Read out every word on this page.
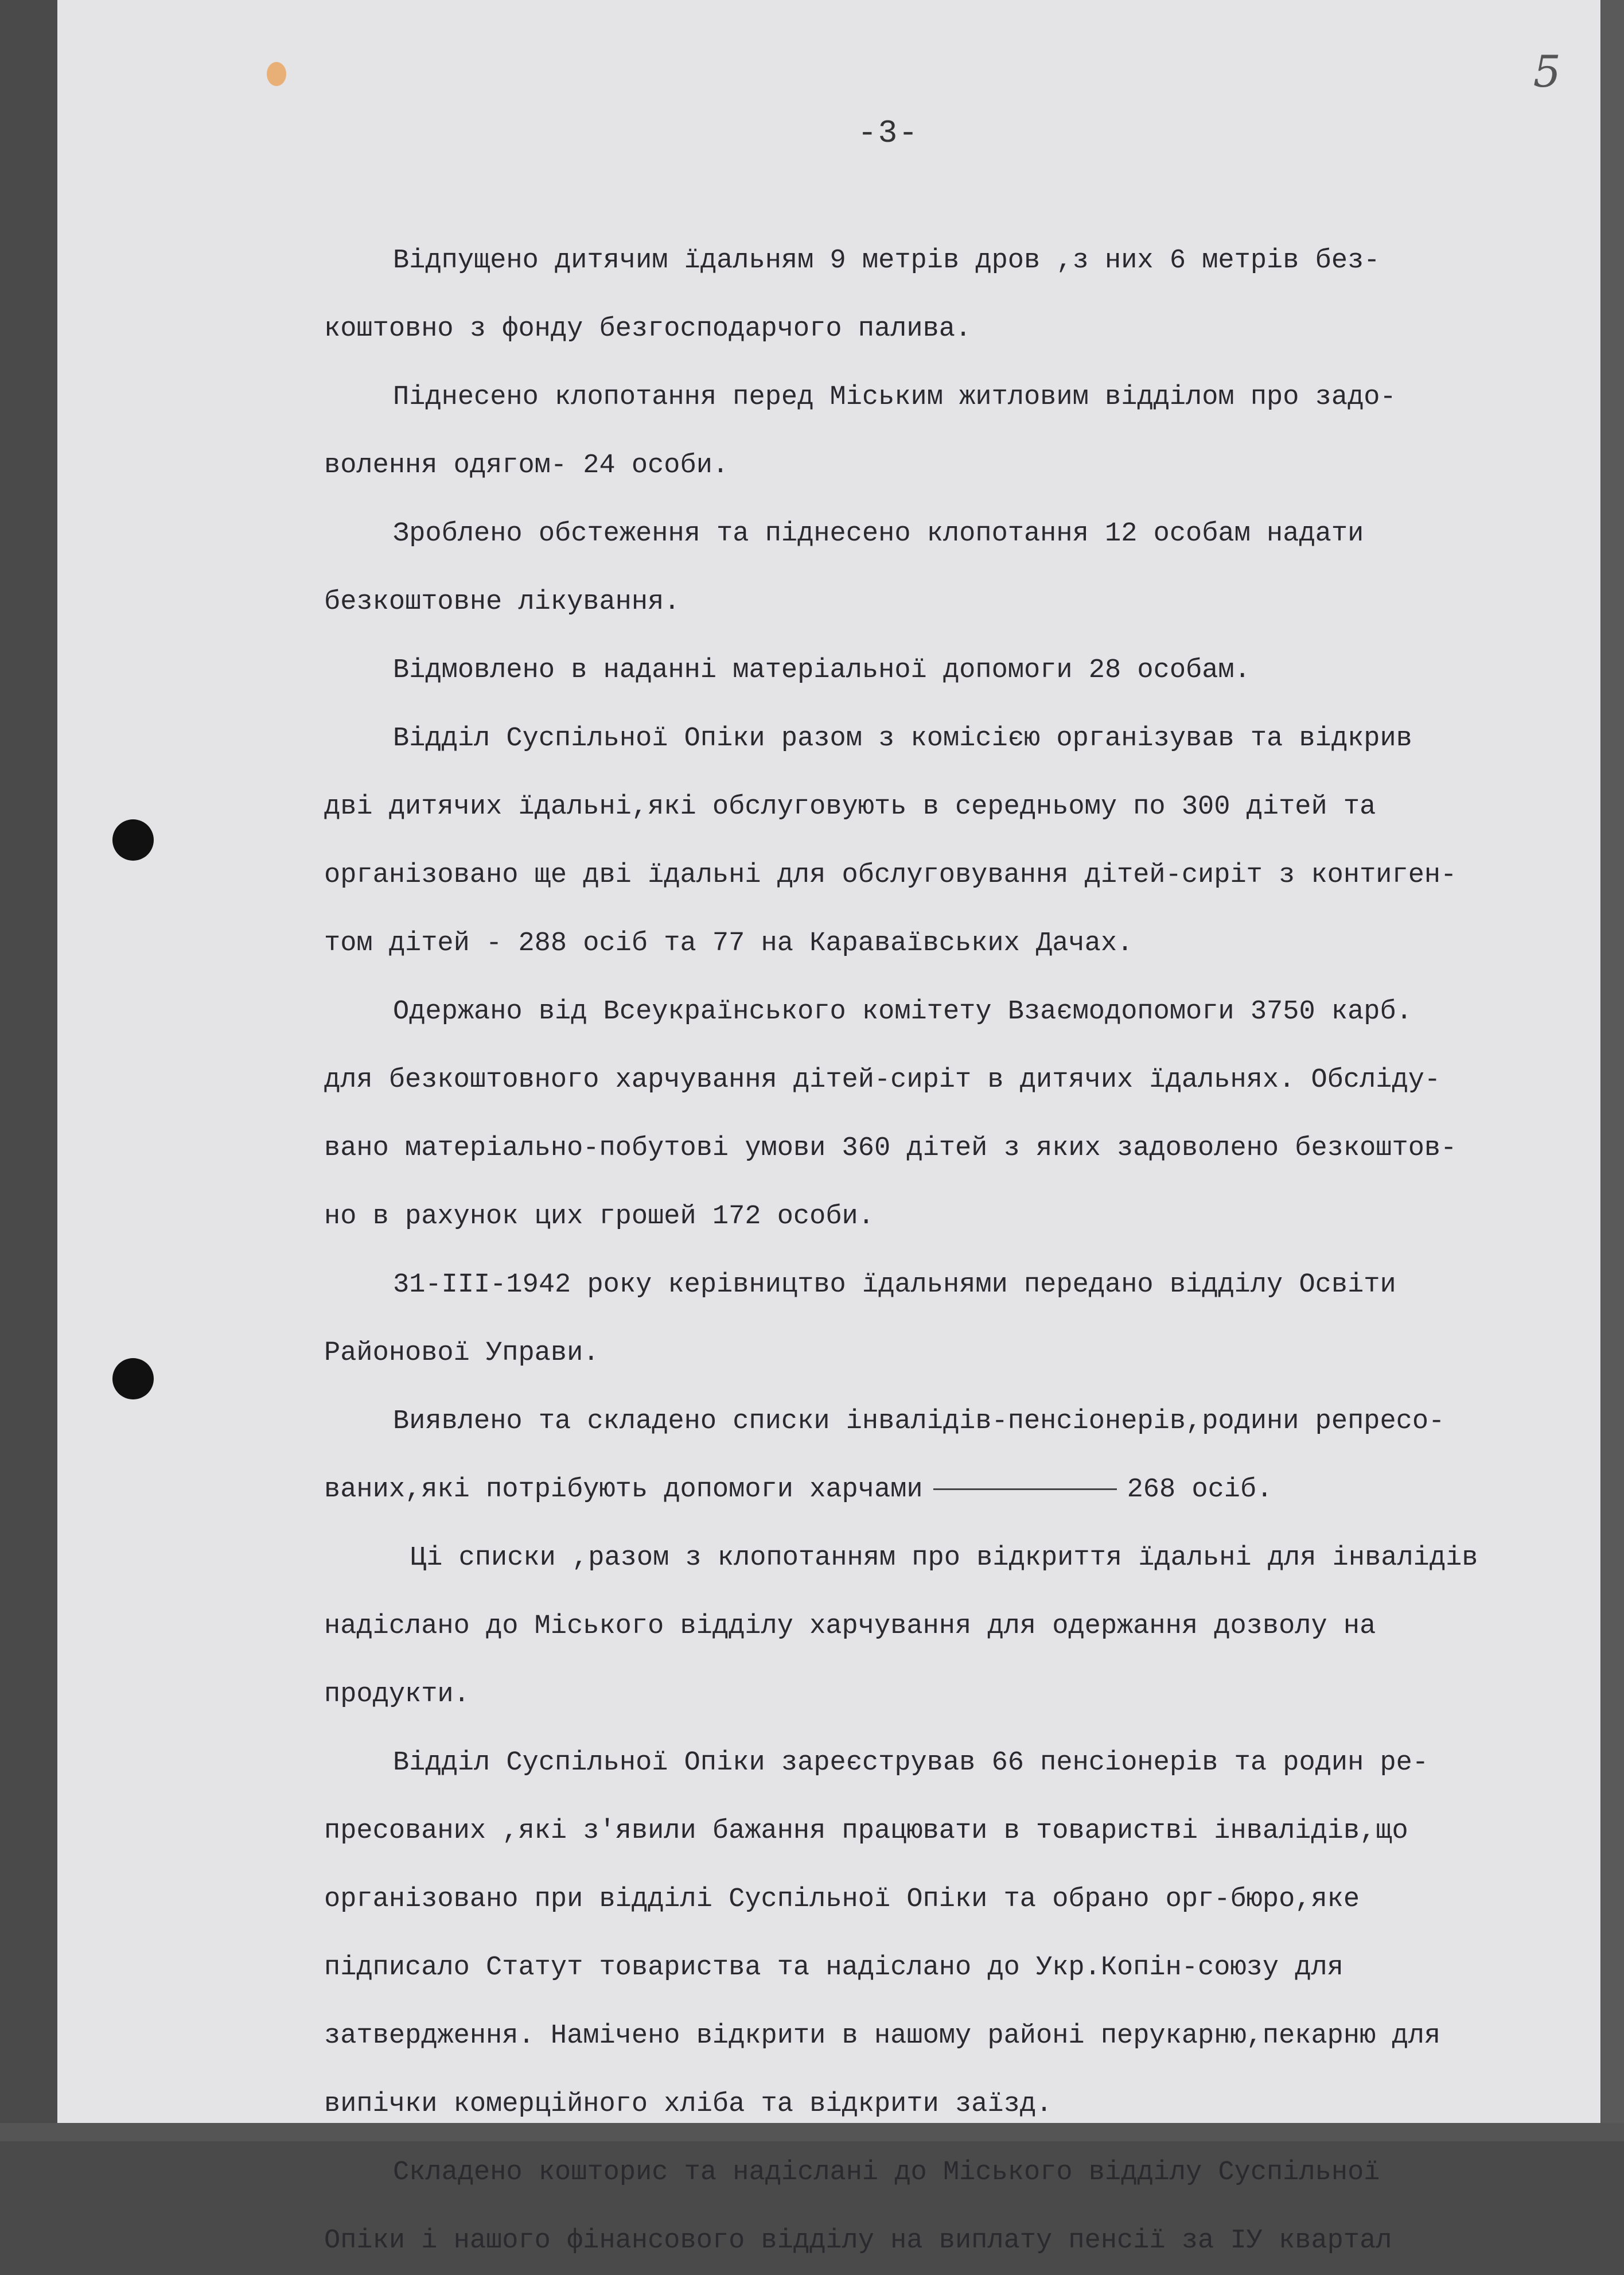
5
-3-

Відпущено дитячим їдальням 9 метрів дров ,з них 6 метрів без-

коштовно з фонду безгосподарчого палива.

Піднесено клопотання перед Міським житловим відділом про задо-

волення одягом- 24 особи.

Зроблено обстеження та піднесено клопотання 12 особам надати

безкоштовне лікування.

Відмовлено в наданні матеріальної допомоги 28 особам.

Відділ Суспільної Опіки разом з комісією організував та відкрив

дві дитячих їдальні,які обслуговують в середньому по 300 дітей та

організовано ще дві їдальні для обслуговування дітей-сиріт з контиген-

том дітей - 288 осіб та 77 на Караваївських Дачах.

Одержано від Всеукраїнського комітету Взаємодопомоги 3750 карб.

для безкоштовного харчування дітей-сиріт в дитячих їдальнях. Обсліду-

вано матеріально-побутові умови 360 дітей з яких задоволено безкоштов-

но в рахунок цих грошей 172 особи.

31-III-1942 року керівництво їдальнями передано відділу Освіти

Районової Управи.

Виявлено та складено списки інвалідів-пенсіонерів,родини репресо-

ваних,які потрібують допомоги харчами	268 осіб.

Ці списки ,разом з клопотанням про відкриття їдальні для інвалідів

надіслано до Міського відділу харчування для одержання дозволу на

продукти.

Відділ Суспільної Опіки зареєстрував 66 пенсіонерів та родин ре-

пресованих ,які з'явили бажання працювати в товаристві інвалідів,що

організовано при відділі Суспільної Опіки та обрано орг-бюро,яке

підписало Статут товариства та надіслано до Укр.Копін-союзу для

затвердження. Намічено відкрити в нашому районі перукарню,пекарню для

випічки комерційного хліба та відкрити заїзд.

Складено кошторис та надіслані до Міського відділу Суспільної

Опіки і нашого фінансового відділу на виплату пенсії за ІУ квартал
